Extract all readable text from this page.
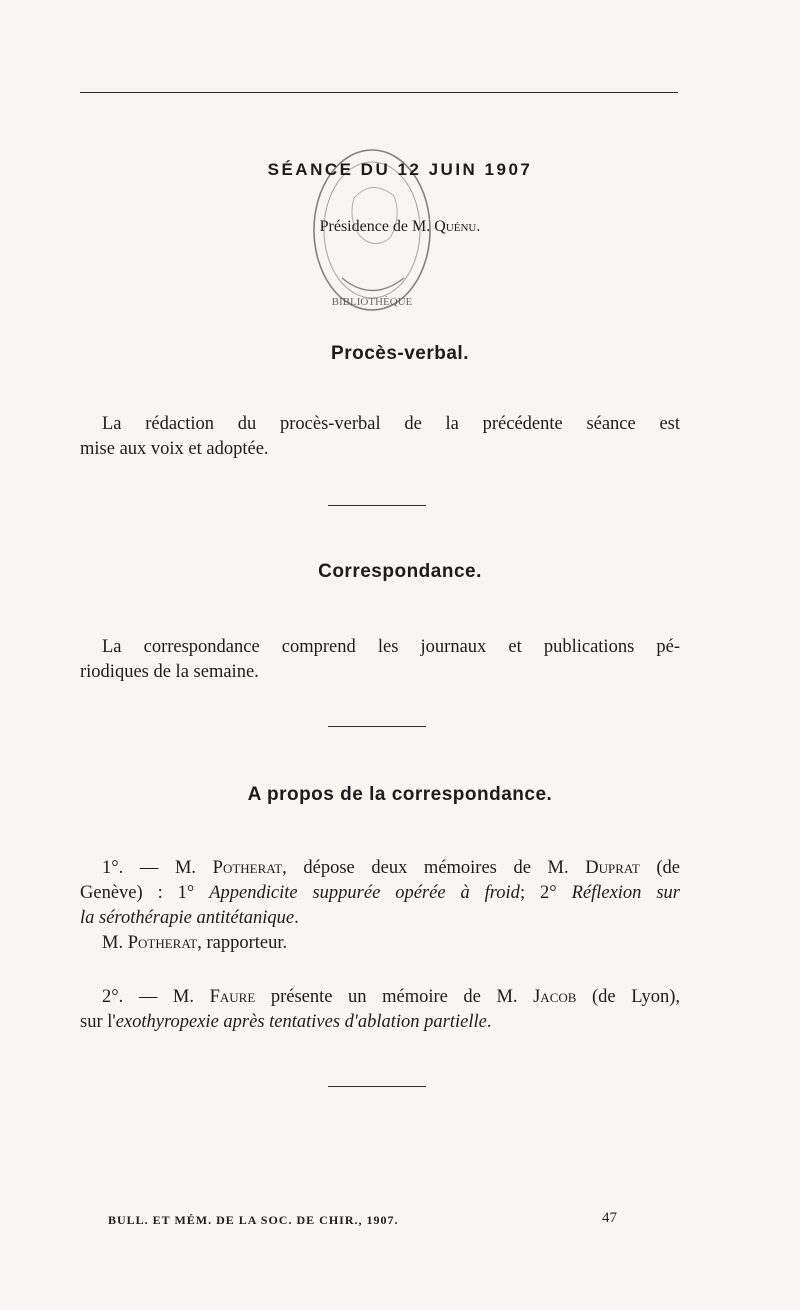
BIBLIOTHÈQUE
SÉANCE DU 12 JUIN 1907
Présidence de M. Quénu.
Procès-verbal.
La rédaction du procès-verbal de la précédente séance est
mise aux voix et adoptée.
Correspondance.
La correspondance comprend les journaux et publications pé-
riodiques de la semaine.
A propos de la correspondance.
1°. — M. Potherat, dépose deux mémoires de M. Duprat (de
Genève) : 1° Appendicite suppurée opérée à froid; 2° Réflexion sur
la sérothérapie antitétanique.
M. Potherat, rapporteur.
2°. — M. Faure présente un mémoire de M. Jacob (de Lyon),
sur l'exothyropexie après tentatives d'ablation partielle.
BULL. ET MÉM. DE LA SOC. DE CHIR., 1907.	47
